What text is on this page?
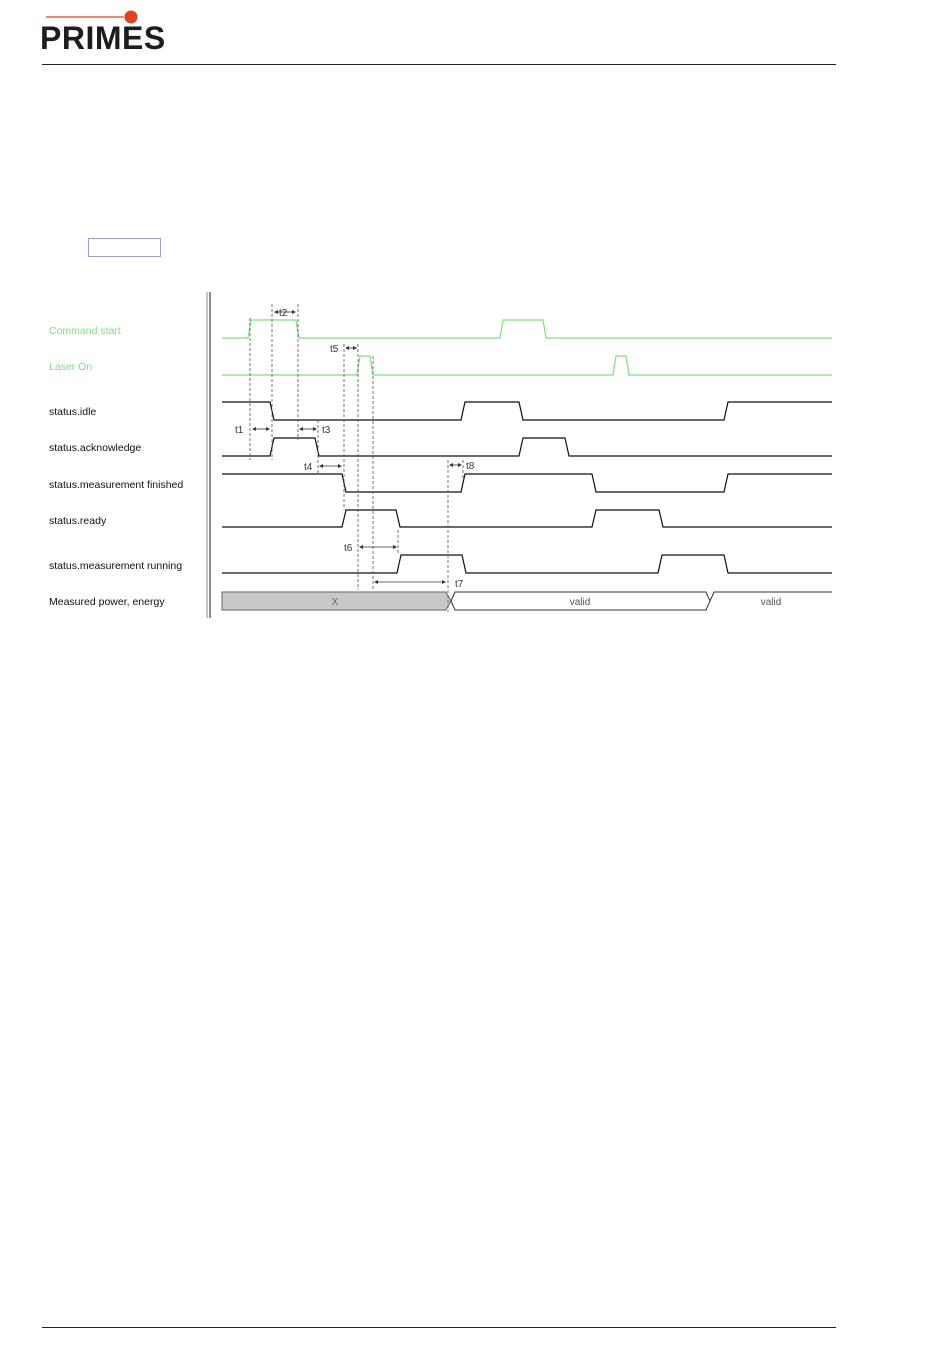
PRIMES
Command start
Laser On
status.idle
status.acknowledge
status.measurement finished
status.ready
status.measurement running
Measured power, energy	X	valid	valid
t1
t2
t3
t4
t5
t6
t7
t8
